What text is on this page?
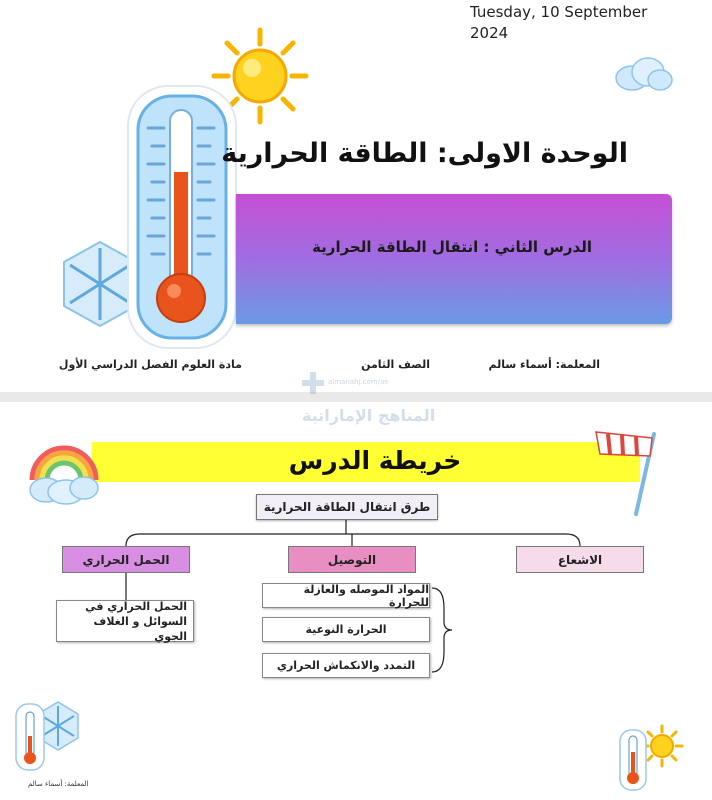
Tuesday, 10 September
2024
الوحدة الاولى: الطاقة الحرارية
الدرس الثاني : انتقال الطاقة الحرارية
المعلمة: أسماء سالم
الصف الثامن
مادة العلوم الفصل الدراسي الأول
almanahj.com/ae
المناهج الإماراتية
خريطة الدرس
طرق انتقال الطاقة الحرارية
الاشعاع
التوصيل
الحمل الحراري
المواد الموصله والعازلة للحرارة
الحرارة النوعية
التمدد والانكماش الحراري
الحمل الحراري في
السوائل و الغلاف الجوي
المعلمة: أسماء سالم
